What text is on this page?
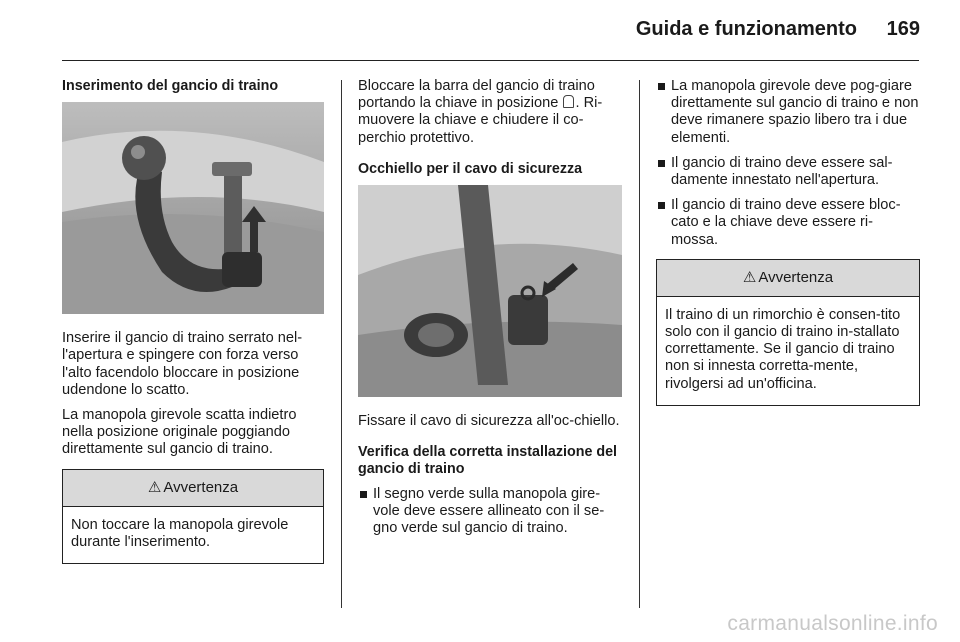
Guida e funzionamento 169
Inserimento del gancio di traino

Inserire il gancio di traino serrato nel-l'apertura e spingere con forza verso l'alto facendolo bloccare in posizione udendone lo scatto.

La manopola girevole scatta indietro nella posizione originale poggiando direttamente sul gancio di traino.

⚠ Avvertenza
Non toccare la manopola girevole durante l'inserimento.

Bloccare la barra del gancio di traino portando la chiave in posizione . Ri-muovere la chiave e chiudere il co-perchio protettivo.

Occhiello per il cavo di sicurezza

Fissare il cavo di sicurezza all'oc-chiello.

Verifica della corretta installazione del gancio di traino
Il segno verde sulla manopola gire-vole deve essere allineato con il se-gno verde sul gancio di traino.
La manopola girevole deve pog-giare direttamente sul gancio di traino e non deve rimanere spazio libero tra i due elementi.
Il gancio di traino deve essere sal-damente innestato nell'apertura.
Il gancio di traino deve essere bloc-cato e la chiave deve essere ri-mossa.
⚠ Avvertenza
Il traino di un rimorchio è consen-tito solo con il gancio di traino in-stallato correttamente. Se il gancio di traino non si innesta corretta-mente, rivolgersi ad un'officina.
carmanualsonline.info
